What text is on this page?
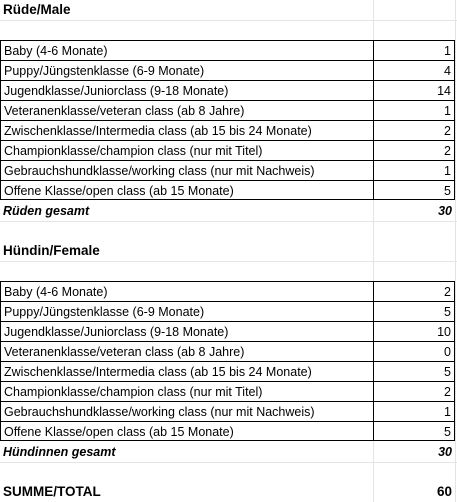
Rüde/Male
Baby (4-6 Monate)	1
Puppy/Jüngstenklasse (6-9 Monate)	4
Jugendklasse/Juniorclass (9-18 Monate)	14
Veteranenklasse/veteran class (ab 8 Jahre)	1
Zwischenklasse/Intermedia class (ab 15 bis 24 Monate)	2
Championklasse/champion class (nur mit Titel)	2
Gebrauchshundklasse/working class (nur mit Nachweis)	1
Offene Klasse/open class (ab 15 Monate)	5
Rüden gesamt	30
Hündin/Female
Baby (4-6 Monate)	2
Puppy/Jüngstenklasse (6-9 Monate)	5
Jugendklasse/Juniorclass (9-18 Monate)	10
Veteranenklasse/veteran class (ab 8 Jahre)	0
Zwischenklasse/Intermedia class (ab 15 bis 24 Monate)	5
Championklasse/champion class (nur mit Titel)	2
Gebrauchshundklasse/working class (nur mit Nachweis)	1
Offene Klasse/open class (ab 15 Monate)	5
Hündinnen gesamt	30
SUMME/TOTAL	60
